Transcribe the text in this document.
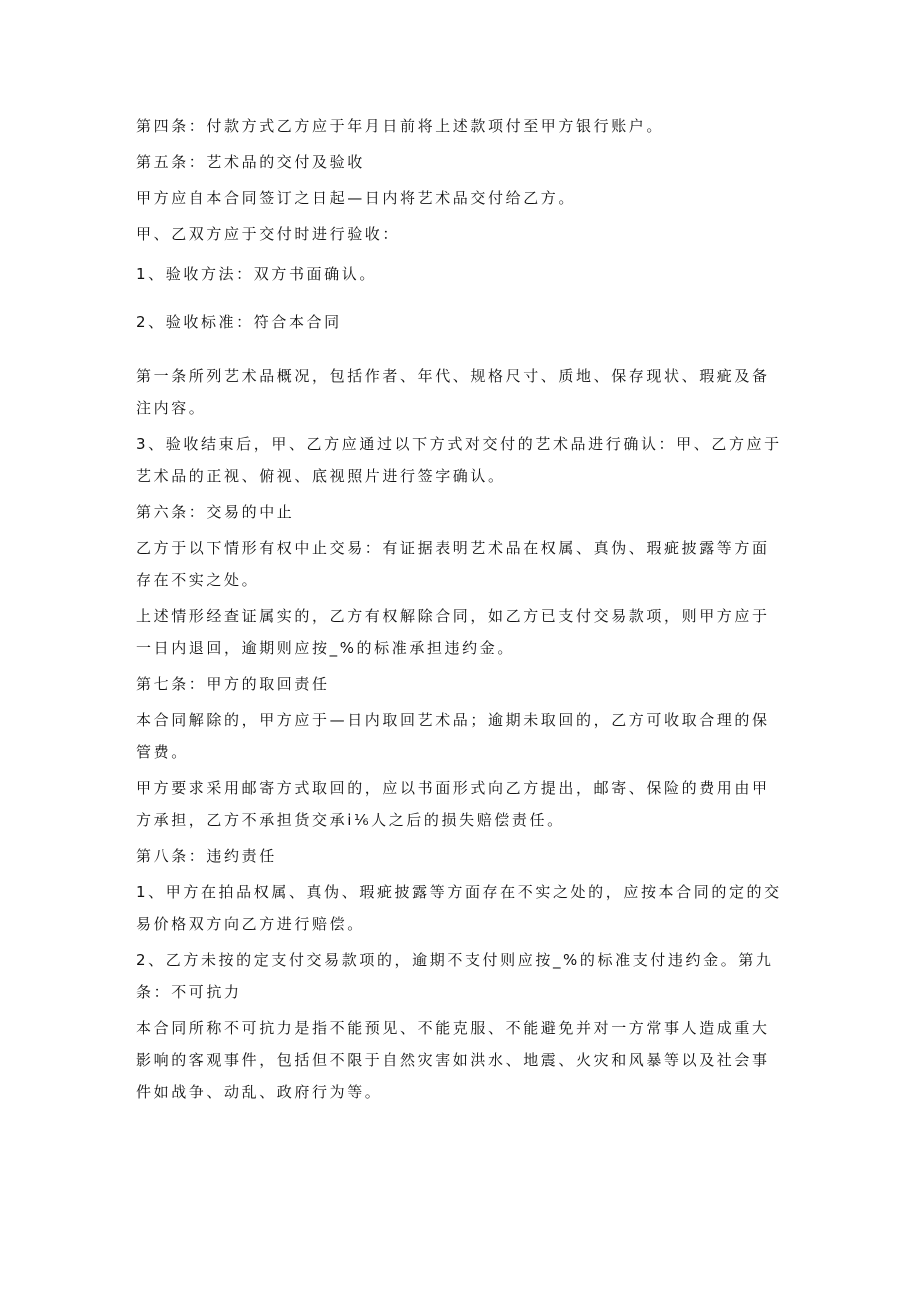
第四条：付款方式乙方应于年月日前将上述款项付至甲方银行账户。

第五条：艺术品的交付及验收

甲方应自本合同签订之日起—日内将艺术品交付给乙方。

甲、乙双方应于交付时进行验收：

1、验收方法：双方书面确认。

2、验收标准：符合本合同

第一条所列艺术品概况，包括作者、年代、规格尺寸、质地、保存现状、瑕疵及备注内容。

3、验收结束后，甲、乙方应通过以下方式对交付的艺术品进行确认：甲、乙方应于艺术品的正视、俯视、底视照片进行签字确认。

第六条：交易的中止

乙方于以下情形有权中止交易：有证据表明艺术品在权属、真伪、瑕疵披露等方面存在不实之处。

上述情形经查证属实的，乙方有权解除合同，如乙方已支付交易款项，则甲方应于一日内退回，逾期则应按_%的标准承担违约金。

第七条：甲方的取回责任

本合同解除的，甲方应于—日内取回艺术品；逾期未取回的，乙方可收取合理的保管费。

甲方要求采用邮寄方式取回的，应以书面形式向乙方提出，邮寄、保险的费用由甲方承担，乙方不承担货交承i⅙人之后的损失赔偿责任。

第八条：违约责任

1、甲方在拍品权属、真伪、瑕疵披露等方面存在不实之处的，应按本合同的定的交易价格双方向乙方进行赔偿。

2、乙方未按的定支付交易款项的，逾期不支付则应按_%的标准支付违约金。第九条：不可抗力

本合同所称不可抗力是指不能预见、不能克服、不能避免并对一方常事人造成重大影响的客观事件，包括但不限于自然灾害如洪水、地震、火灾和风暴等以及社会事件如战争、动乱、政府行为等。
